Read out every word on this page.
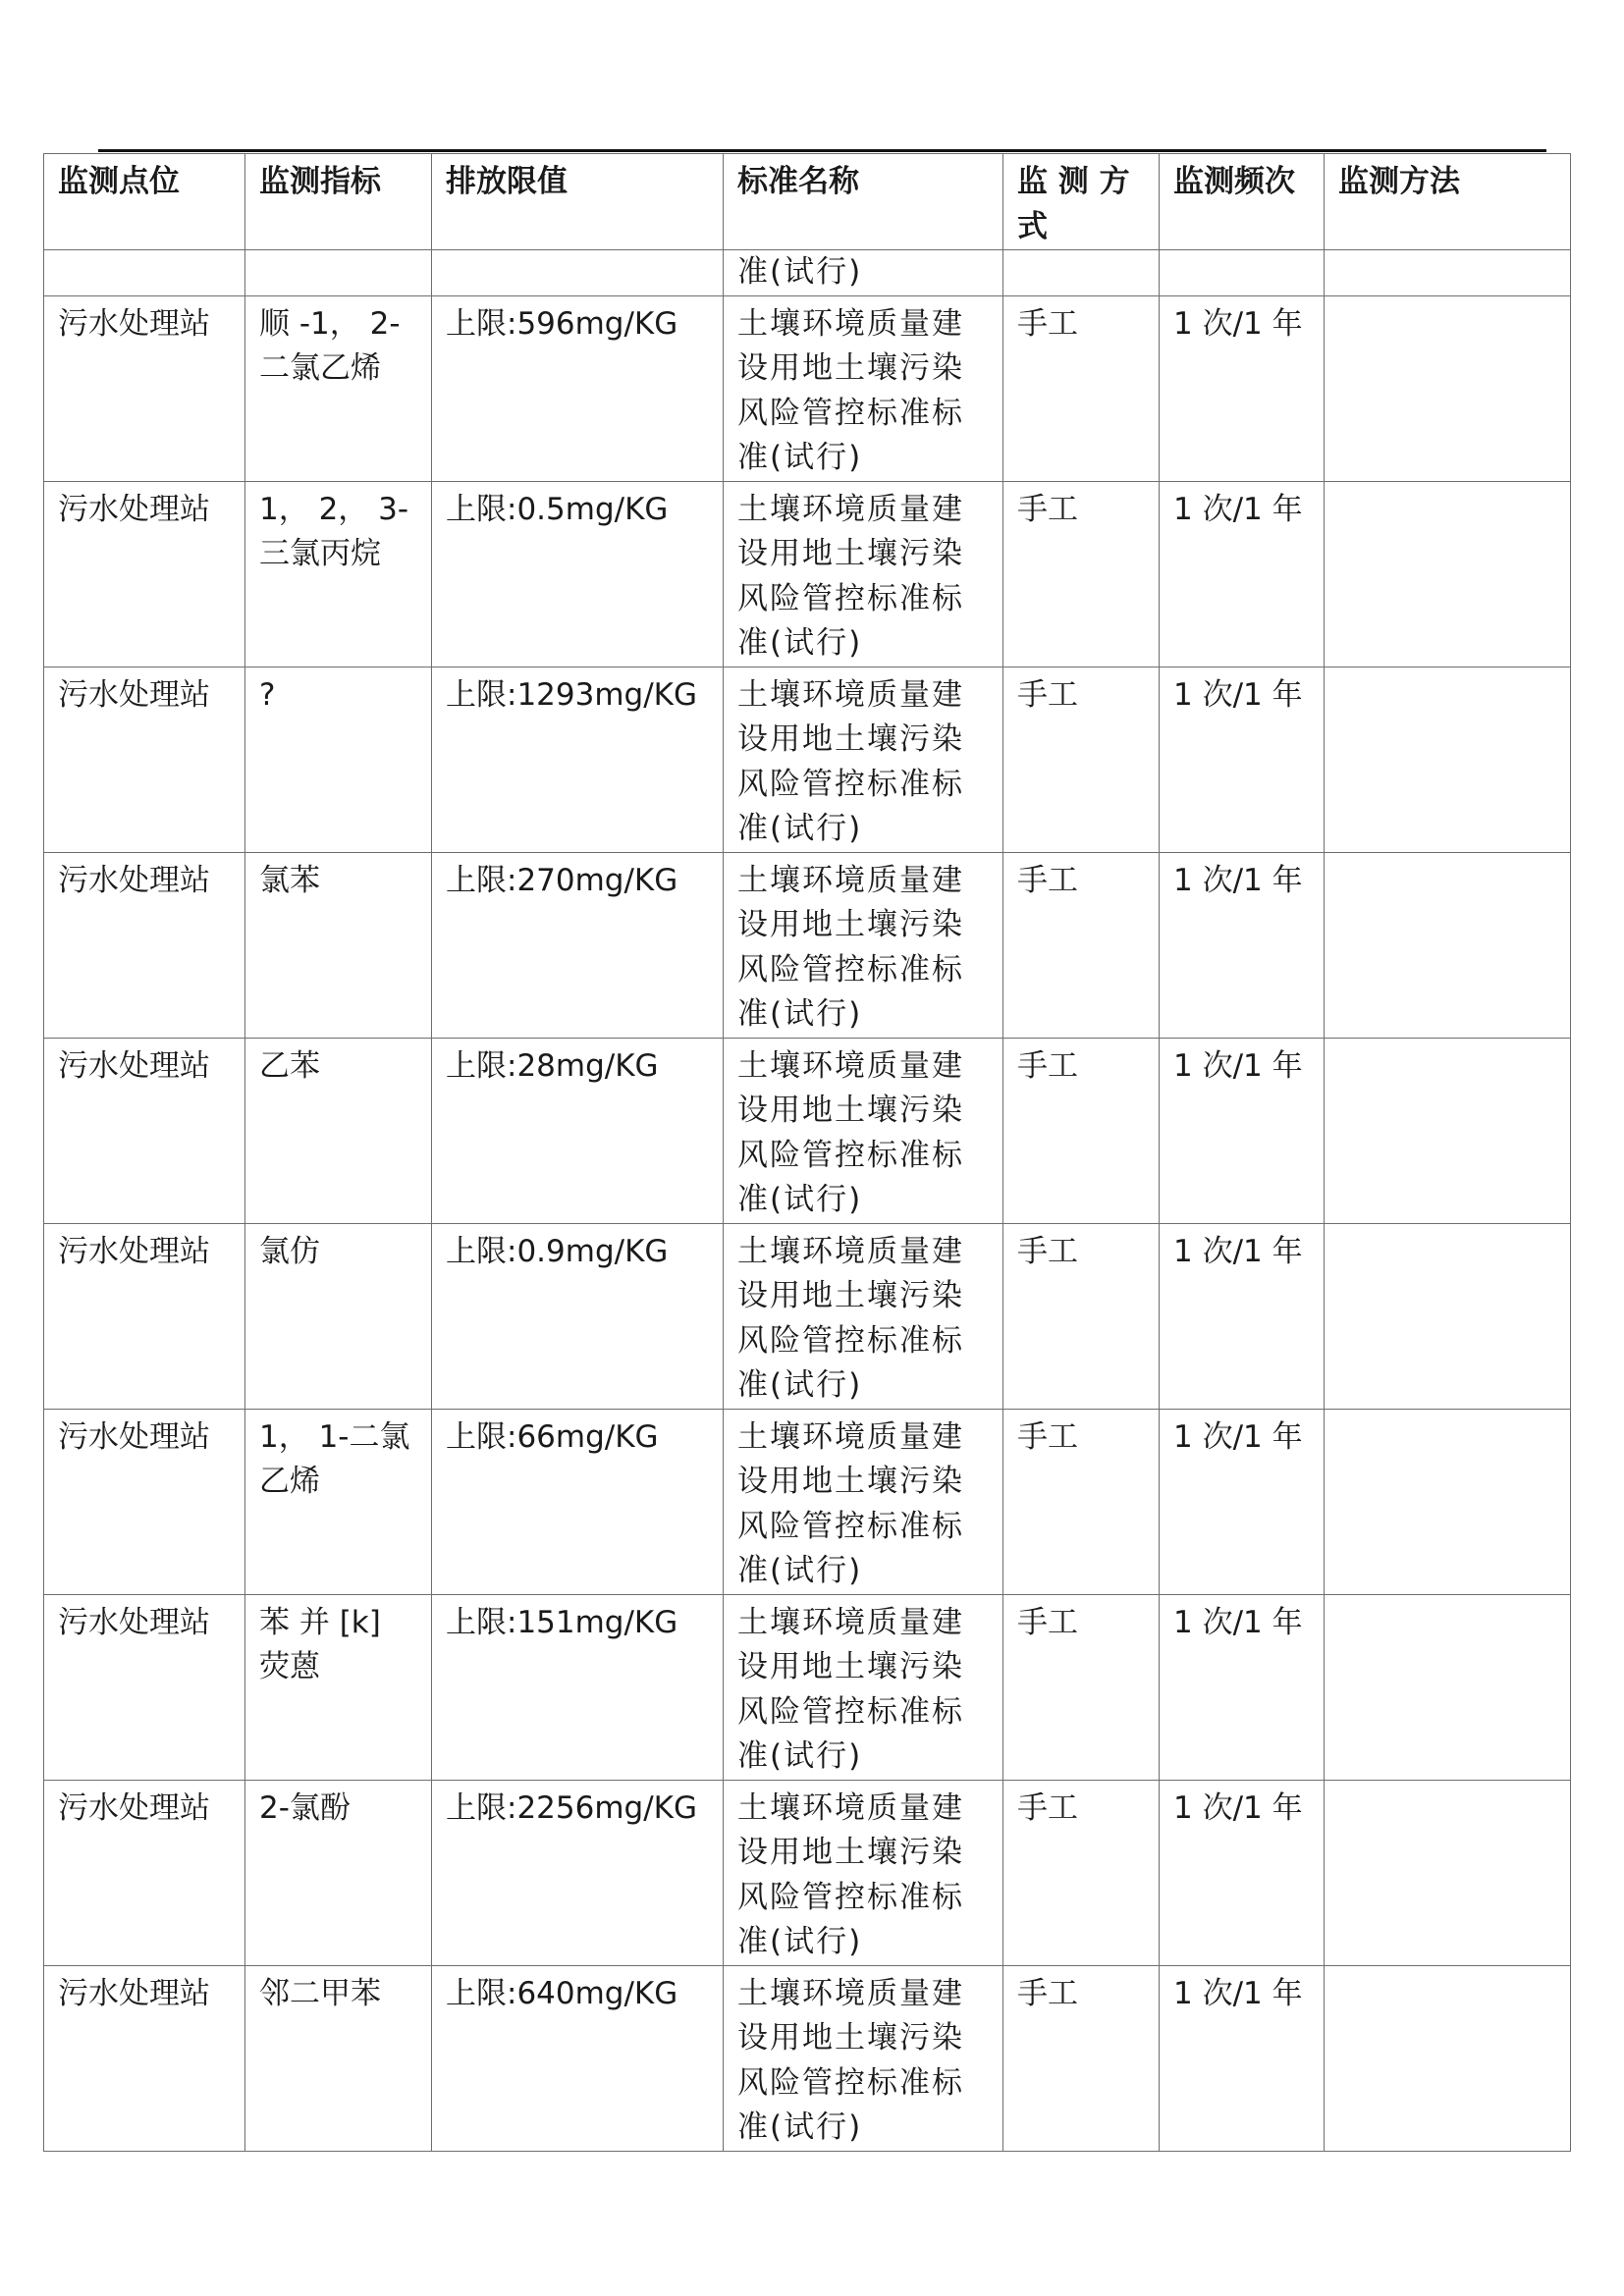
监测点位	监测指标	排放限值	标准名称	监 测 方 式	监测频次	监测方法
			准(试行)			
污水处理站	顺 -1， 2-二氯乙烯	上限:596mg/KG	土壤环境质量建设用地土壤污染风险管控标准标准(试行)	手工	1 次/1 年	
污水处理站	1， 2， 3-三氯丙烷	上限:0.5mg/KG	土壤环境质量建设用地土壤污染风险管控标准标准(试行)	手工	1 次/1 年	
污水处理站	?	上限:1293mg/KG	土壤环境质量建设用地土壤污染风险管控标准标准(试行)	手工	1 次/1 年	
污水处理站	氯苯	上限:270mg/KG	土壤环境质量建设用地土壤污染风险管控标准标准(试行)	手工	1 次/1 年	
污水处理站	乙苯	上限:28mg/KG	土壤环境质量建设用地土壤污染风险管控标准标准(试行)	手工	1 次/1 年	
污水处理站	氯仿	上限:0.9mg/KG	土壤环境质量建设用地土壤污染风险管控标准标准(试行)	手工	1 次/1 年	
污水处理站	1， 1-二氯乙烯	上限:66mg/KG	土壤环境质量建设用地土壤污染风险管控标准标准(试行)	手工	1 次/1 年	
污水处理站	苯 并 [k] 荧蒽	上限:151mg/KG	土壤环境质量建设用地土壤污染风险管控标准标准(试行)	手工	1 次/1 年	
污水处理站	2-氯酚	上限:2256mg/KG	土壤环境质量建设用地土壤污染风险管控标准标准(试行)	手工	1 次/1 年	
污水处理站	邻二甲苯	上限:640mg/KG	土壤环境质量建设用地土壤污染风险管控标准标准(试行)	手工	1 次/1 年	
